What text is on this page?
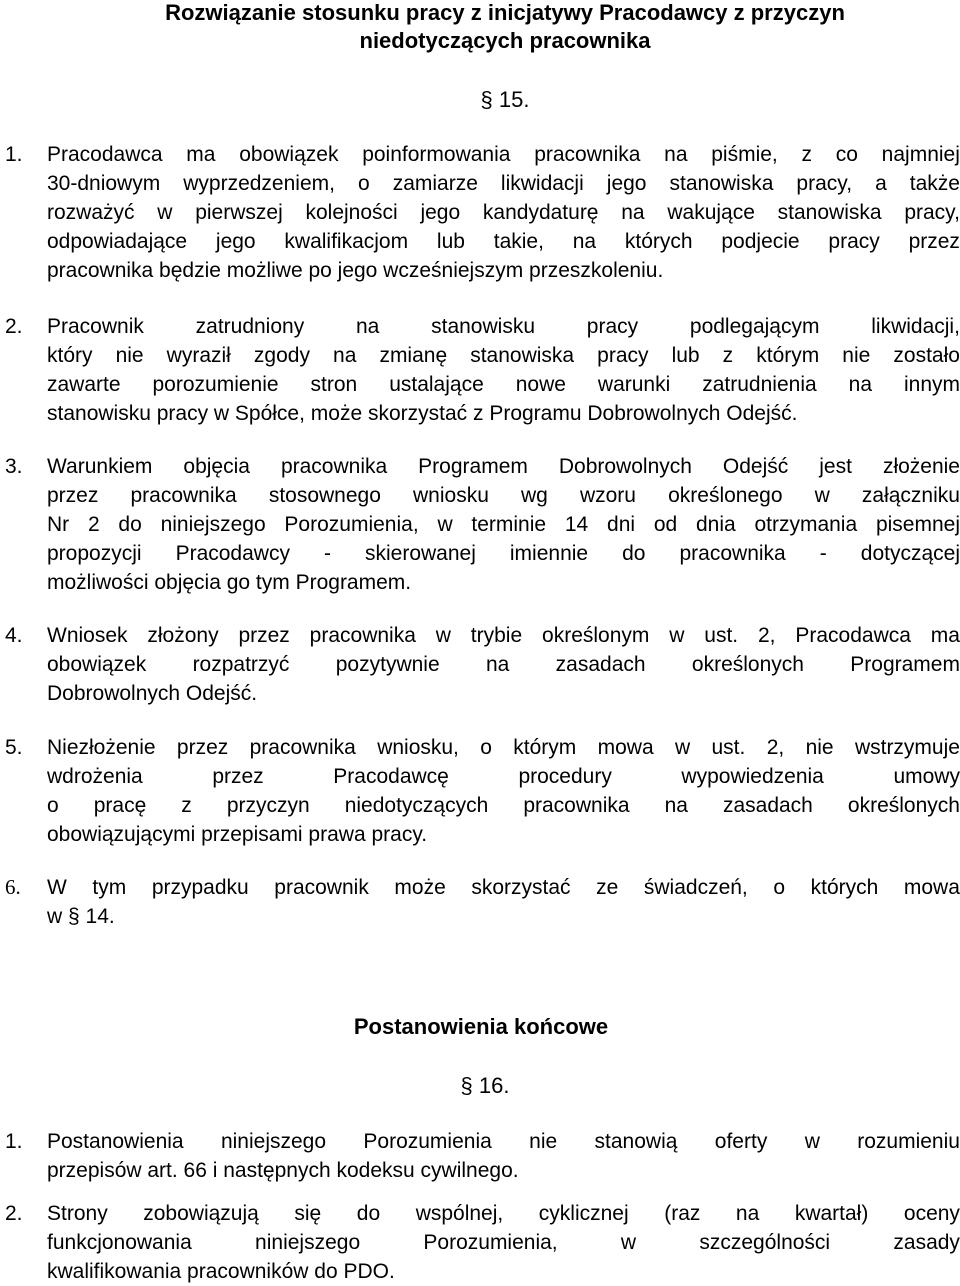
Rozwiązanie stosunku pracy z inicjatywy Pracodawcy z przyczyn
niedotyczących pracownika
§ 15.
1. Pracodawca ma obowiązek poinformowania pracownika na piśmie, z co najmniej
30-dniowym wyprzedzeniem, o zamiarze likwidacji jego stanowiska pracy, a także
rozważyć w pierwszej kolejności jego kandydaturę na wakujące stanowiska pracy,
odpowiadające jego kwalifikacjom lub takie, na których podjecie pracy przez
pracownika będzie możliwe po jego wcześniejszym przeszkoleniu.
2. Pracownik zatrudniony na stanowisku pracy podlegającym likwidacji,
który nie wyraził zgody na zmianę stanowiska pracy lub z którym nie zostało
zawarte porozumienie stron ustalające nowe warunki zatrudnienia na innym
stanowisku pracy w Spółce, może skorzystać z Programu Dobrowolnych Odejść.
3. Warunkiem objęcia pracownika Programem Dobrowolnych Odejść jest złożenie
przez pracownika stosownego wniosku wg wzoru określonego w załączniku
Nr 2 do niniejszego Porozumienia, w terminie 14 dni od dnia otrzymania pisemnej
propozycji Pracodawcy - skierowanej imiennie do pracownika - dotyczącej
możliwości objęcia go tym Programem.
4. Wniosek złożony przez pracownika w trybie określonym w ust. 2, Pracodawca ma
obowiązek rozpatrzyć pozytywnie na zasadach określonych Programem
Dobrowolnych Odejść.
5. Niezłożenie przez pracownika wniosku, o którym mowa w ust. 2, nie wstrzymuje
wdrożenia	przez	Pracodawcę	procedury	wypowiedzenia	umowy
o pracę z przyczyn niedotyczących pracownika na zasadach określonych
obowiązującymi przepisami prawa pracy.
6. W tym przypadku pracownik może skorzystać ze świadczeń, o których mowa
w § 14.
Postanowienia końcowe
§ 16.
1. Postanowienia niniejszego Porozumienia nie stanowią oferty w rozumieniu
przepisów art. 66 i następnych kodeksu cywilnego.
2. Strony zobowiązują się do wspólnej, cyklicznej (raz na kwartał) oceny
funkcjonowania	niniejszego	Porozumienia,	w	szczególności	zasady
kwalifikowania pracowników do PDO.
